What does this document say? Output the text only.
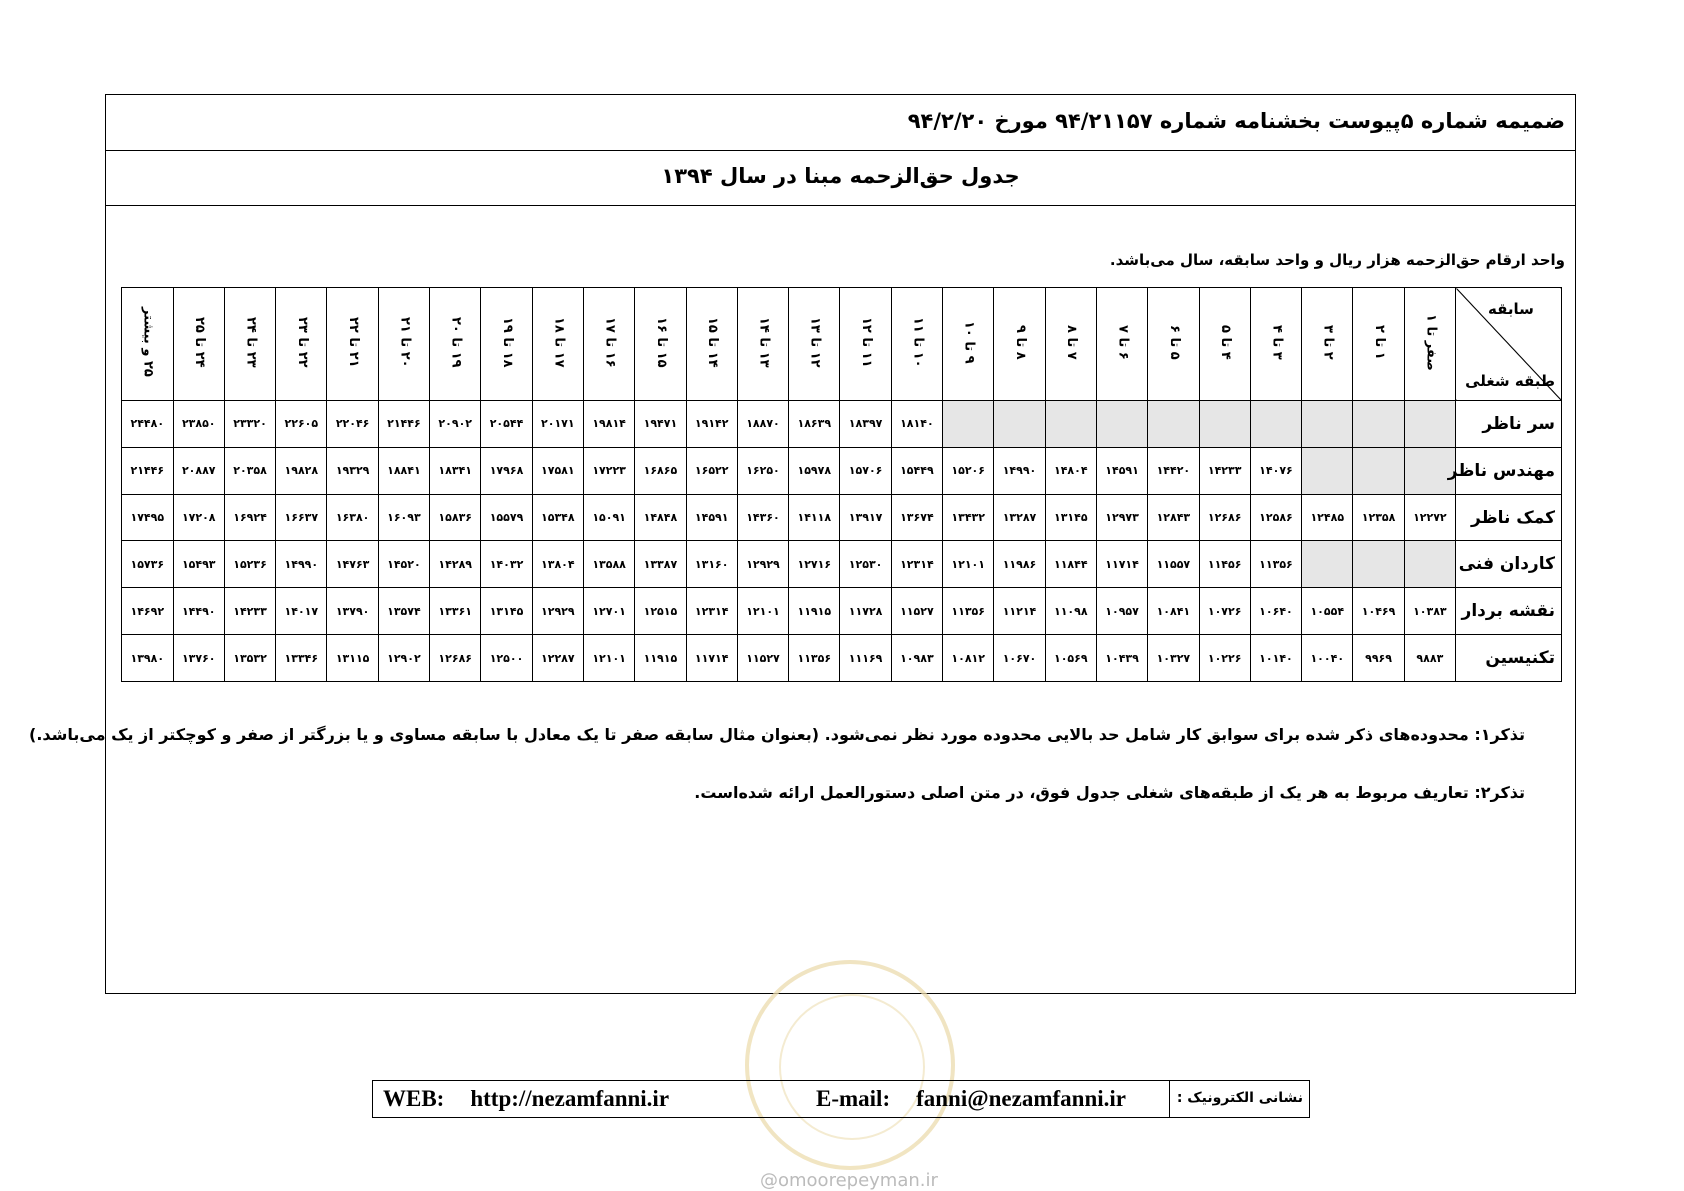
ضمیمه شماره ۵پیوست بخشنامه شماره ۹۴/۲۱۱۵۷ مورخ ۹۴/۲/۲۰
جدول حق‌الزحمه مبنا در سال ۱۳۹۴
واحد ارقام حق‌الزحمه هزار ریال و واحد سابقه، سال می‌باشد.
سابقه
طبقه شغلی	صفر تا ۱	۱ تا ۲	۲ تا ۳	۳ تا ۴	۴ تا ۵	۵ تا ۶	۶ تا ۷	۷ تا ۸	۸ تا ۹	۹ تا ۱۰	۱۰ تا ۱۱	۱۱ تا ۱۲	۱۲ تا ۱۳	۱۳ تا ۱۴	۱۴ تا ۱۵	۱۵ تا ۱۶	۱۶ تا ۱۷	۱۷ تا ۱۸	۱۸ تا ۱۹	۱۹ تا ۲۰	۲۰ تا ۲۱	۲۱ تا ۲۲	۲۲ تا ۲۳	۲۳ تا ۲۴	۲۴ تا ۲۵	۲۵ و بیشتر
سر ناظر											۱۸۱۴۰	۱۸۳۹۷	۱۸۶۳۹	۱۸۸۷۰	۱۹۱۴۲	۱۹۴۷۱	۱۹۸۱۴	۲۰۱۷۱	۲۰۵۴۴	۲۰۹۰۲	۲۱۴۴۶	۲۲۰۴۶	۲۲۶۰۵	۲۳۳۲۰	۲۳۸۵۰	۲۴۴۸۰
مهندس ناظر				۱۴۰۷۶	۱۴۲۳۳	۱۴۴۲۰	۱۴۵۹۱	۱۴۸۰۴	۱۴۹۹۰	۱۵۲۰۶	۱۵۴۴۹	۱۵۷۰۶	۱۵۹۷۸	۱۶۲۵۰	۱۶۵۲۲	۱۶۸۶۵	۱۷۲۲۳	۱۷۵۸۱	۱۷۹۶۸	۱۸۳۴۱	۱۸۸۴۱	۱۹۳۲۹	۱۹۸۲۸	۲۰۳۵۸	۲۰۸۸۷	۲۱۴۴۶
کمک ناظر	۱۲۲۷۲	۱۲۳۵۸	۱۲۴۸۵	۱۲۵۸۶	۱۲۶۸۶	۱۲۸۴۳	۱۲۹۷۳	۱۳۱۴۵	۱۳۲۸۷	۱۳۴۳۲	۱۳۶۷۴	۱۳۹۱۷	۱۴۱۱۸	۱۴۳۶۰	۱۴۵۹۱	۱۴۸۴۸	۱۵۰۹۱	۱۵۳۴۸	۱۵۵۷۹	۱۵۸۳۶	۱۶۰۹۳	۱۶۳۸۰	۱۶۶۳۷	۱۶۹۲۴	۱۷۲۰۸	۱۷۴۹۵
کاردان فنی				۱۱۳۵۶	۱۱۴۵۶	۱۱۵۵۷	۱۱۷۱۴	۱۱۸۴۴	۱۱۹۸۶	۱۲۱۰۱	۱۲۳۱۴	۱۲۵۳۰	۱۲۷۱۶	۱۲۹۲۹	۱۳۱۶۰	۱۳۳۸۷	۱۳۵۸۸	۱۳۸۰۴	۱۴۰۳۲	۱۴۲۸۹	۱۴۵۲۰	۱۴۷۶۳	۱۴۹۹۰	۱۵۲۳۶	۱۵۴۹۳	۱۵۷۳۶
نقشه بردار	۱۰۳۸۳	۱۰۴۶۹	۱۰۵۵۴	۱۰۶۴۰	۱۰۷۲۶	۱۰۸۴۱	۱۰۹۵۷	۱۱۰۹۸	۱۱۲۱۴	۱۱۳۵۶	۱۱۵۲۷	۱۱۷۲۸	۱۱۹۱۵	۱۲۱۰۱	۱۲۳۱۴	۱۲۵۱۵	۱۲۷۰۱	۱۲۹۲۹	۱۳۱۴۵	۱۳۳۶۱	۱۳۵۷۴	۱۳۷۹۰	۱۴۰۱۷	۱۴۲۳۳	۱۴۴۹۰	۱۴۶۹۲
تکنیسین	۹۸۸۳	۹۹۶۹	۱۰۰۴۰	۱۰۱۴۰	۱۰۲۲۶	۱۰۳۲۷	۱۰۴۳۹	۱۰۵۶۹	۱۰۶۷۰	۱۰۸۱۲	۱۰۹۸۳	۱۱۱۶۹	۱۱۳۵۶	۱۱۵۲۷	۱۱۷۱۴	۱۱۹۱۵	۱۲۱۰۱	۱۲۲۸۷	۱۲۵۰۰	۱۲۶۸۶	۱۲۹۰۲	۱۳۱۱۵	۱۳۳۴۶	۱۳۵۳۲	۱۳۷۶۰	۱۳۹۸۰
تذکر۱: محدوده‌های ذکر شده برای سوابق کار شامل حد بالایی محدوده مورد نظر نمی‌شود. (بعنوان مثال سابقه صفر تا یک معادل با سابقه مساوی و یا بزرگتر از صفر و کوچکتر از یک می‌باشد.)
تذکر۲: تعاریف مربوط به هر یک از طبقه‌های شغلی جدول فوق، در متن اصلی دستورالعمل ارائه شده‌است.
WEB: http://nezamfanni.ir	E-mail: fanni@nezamfanni.ir	نشانی الکترونیک :
@omoorepeyman.ir
